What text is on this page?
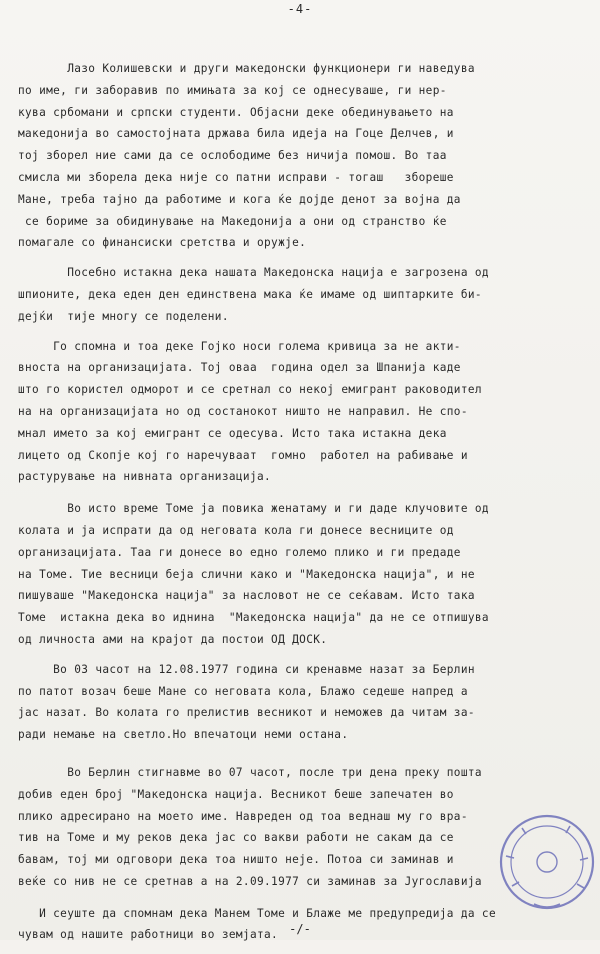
-4-

Лазо Колишевски и други македонски функционери ги наведува

по име, ги заборавив по имињата за кој се однесуваше, ги нер-

кува србомани и српски студенти. Објасни деке обединувањето на

македонија во самостојната држава била идеја на Гоце Делчев, и

тој зборел ние сами да се ослободиме без ничија помош. Во таа

смисла ми зборела дека није со патни исправи - тогаш   збореше

Мане, треба тајно да работиме и кога ќе дојде денот за војна да

се бориме за обидинување на Македонија а они од странство ќе

помагале со финансиски сретства и оружје.

Посебно истакна дека нашата Македонска нација е загрозена од

шпионите, дека еден ден единствена мака ќе имаме од шиптарките би-

дејќи  тије многу се поделени.

Го спомна и тоа деке Гојко носи голема кривица за не акти-

вноста на организацијата. Тој оваа  година одел за Шпанија каде

што го користел одморот и се сретнал со некој емигрант раководител

на на организацијата но од состанокот ништо не направил. Не спо-

мнал името за кој емигрант се одесува. Исто така истакна дека

лицето од Скопје кој го наречуваат  гомно  работел на рабивање и

растурување на нивната организација.

Во исто време Томе ја повика женатаму и ги даде клучовите од

колата и ја испрати да од неговата кола ги донесе весниците од

организацијата. Таа ги донесе во едно големо пликo и ги предаде

на Томе. Тие весници беја слични како и "Македонска нација", и не

пишуваше "Македонска нација" за насловот не се сеќавам. Исто така

Томе  истакна дека во иднина  "Македонска нација" да не се отпишува

од личноста ами на крајот да постои ОД ДОСК.

Во 03 часот на 12.08.1977 година си кренавме назат за Берлин

по патот возач беше Мане со неговата кола, Блажо седеше напред а

јас назат. Во колата го прелистив весникот и неможев да читам за-

ради немање на светло.Но впечатоци неми остана.

Во Берлин стигнавме во 07 часот, после три дена преку пошта

добив еден број "Македонска нација. Весникот беше запечатен во

плико адресирано на моето име. Навреден од тоа веднаш му го вра-

тив на Томе и му реков дека јас со вакви работи не сакам да се

бавам, тој ми одговори дека тоа ништо неје. Потоа си заминав и

веќе со нив не се сретнав а на 2.09.1977 си заминав за Југославија

И сеуште да спомнам дека Манем Томе и Блаже ме предупредија да се

чувам од нашите работници во земјата. -/-
